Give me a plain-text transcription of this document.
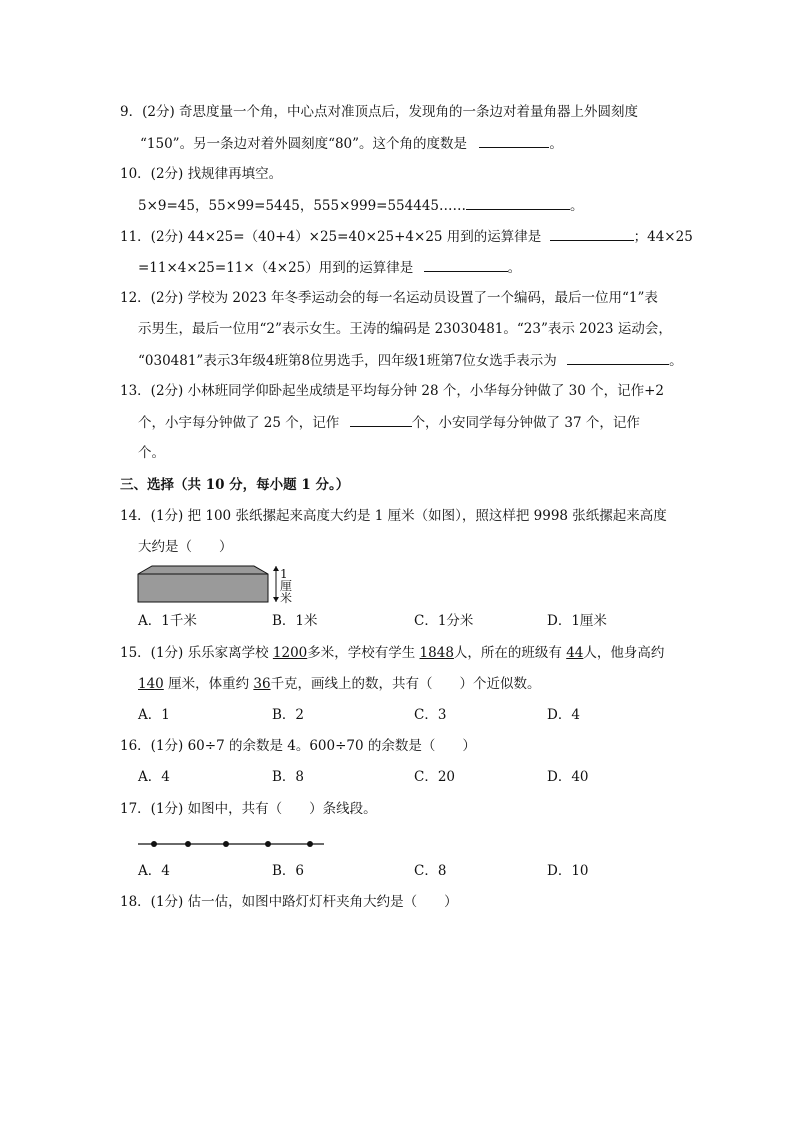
9．(2分) 奇思度量一个角，中心点对准顶点后，发现角的一条边对着量角器上外圆刻度
“150”。另一条边对着外圆刻度“80”。这个角的度数是	。
10．(2分) 找规律再填空。
5×9=45，55×99=5445，555×999=554445……	。
11．(2分) 44×25=（40+4）×25=40×25+4×25 用到的运算律是	；44×25
=11×4×25=11×（4×25）用到的运算律是	。
12．(2分) 学校为 2023 年冬季运动会的每一名运动员设置了一个编码，最后一位用“1”表
示男生，最后一位用“2”表示女生。王涛的编码是 23030481。“23”表示 2023 运动会，
“030481”表示3年级4班第8位男选手，四年级1班第7位女选手表示为	。
13．(2分) 小林班同学仰卧起坐成绩是平均每分钟 28 个，小华每分钟做了 30 个，记作+2
个，小宇每分钟做了 25 个，记作	个，小安同学每分钟做了 37 个，记作
个。
三、选择（共 10 分，每小题 1 分。）
14．(1分) 把 100 张纸摞起来高度大约是 1 厘米（如图），照这样把 9998 张纸摞起来高度
大约是（　　）
1厘米
A．1千米	B．1米	C．1分米	D．1厘米
15．(1分) 乐乐家离学校 1200多米，学校有学生 1848人，所在的班级有 44人，他身高约
140 厘米，体重约 36千克，画线上的数，共有（　　）个近似数。
A．1	B．2	C．3	D．4
16．(1分) 60÷7 的余数是 4。600÷70 的余数是（　　）
A．4	B．8	C．20	D．40
17．(1分) 如图中，共有（　　）条线段。
A．4	B．6	C．8	D．10
18．(1分) 估一估，如图中路灯灯杆夹角大约是（　　）
